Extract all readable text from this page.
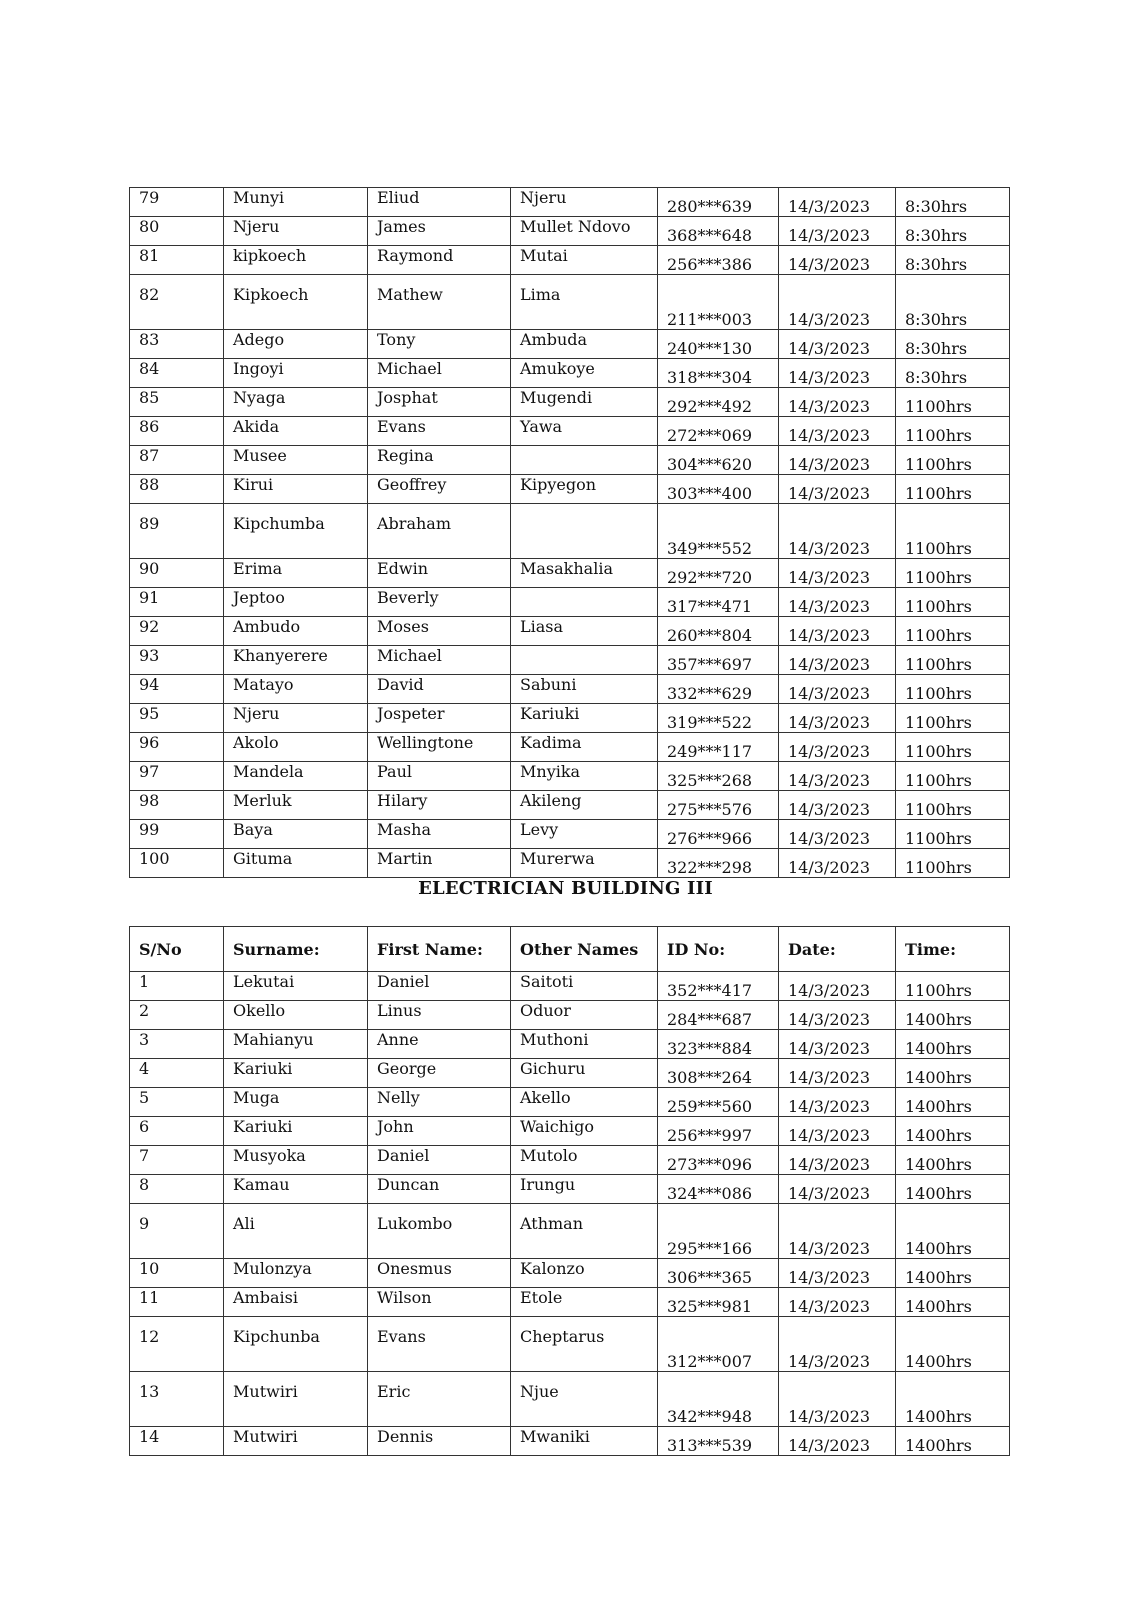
79	Munyi	Eliud	Njeru	280***639	14/3/2023	8:30hrs
80	Njeru	James	Mullet Ndovo	368***648	14/3/2023	8:30hrs
81	kipkoech	Raymond	Mutai	256***386	14/3/2023	8:30hrs
82	Kipkoech	Mathew	Lima	211***003	14/3/2023	8:30hrs
83	Adego	Tony	Ambuda	240***130	14/3/2023	8:30hrs
84	Ingoyi	Michael	Amukoye	318***304	14/3/2023	8:30hrs
85	Nyaga	Josphat	Mugendi	292***492	14/3/2023	1100hrs
86	Akida	Evans	Yawa	272***069	14/3/2023	1100hrs
87	Musee	Regina		304***620	14/3/2023	1100hrs
88	Kirui	Geoffrey	Kipyegon	303***400	14/3/2023	1100hrs
89	Kipchumba	Abraham		349***552	14/3/2023	1100hrs
90	Erima	Edwin	Masakhalia	292***720	14/3/2023	1100hrs
91	Jeptoo	Beverly		317***471	14/3/2023	1100hrs
92	Ambudo	Moses	Liasa	260***804	14/3/2023	1100hrs
93	Khanyerere	Michael		357***697	14/3/2023	1100hrs
94	Matayo	David	Sabuni	332***629	14/3/2023	1100hrs
95	Njeru	Jospeter	Kariuki	319***522	14/3/2023	1100hrs
96	Akolo	Wellingtone	Kadima	249***117	14/3/2023	1100hrs
97	Mandela	Paul	Mnyika	325***268	14/3/2023	1100hrs
98	Merluk	Hilary	Akileng	275***576	14/3/2023	1100hrs
99	Baya	Masha	Levy	276***966	14/3/2023	1100hrs
100	Gituma	Martin	Murerwa	322***298	14/3/2023	1100hrs
ELECTRICIAN BUILDING III
S/No	Surname:	First Name:	Other Names	ID No:	Date:	Time:
1	Lekutai	Daniel	Saitoti	352***417	14/3/2023	1100hrs
2	Okello	Linus	Oduor	284***687	14/3/2023	1400hrs
3	Mahianyu	Anne	Muthoni	323***884	14/3/2023	1400hrs
4	Kariuki	George	Gichuru	308***264	14/3/2023	1400hrs
5	Muga	Nelly	Akello	259***560	14/3/2023	1400hrs
6	Kariuki	John	Waichigo	256***997	14/3/2023	1400hrs
7	Musyoka	Daniel	Mutolo	273***096	14/3/2023	1400hrs
8	Kamau	Duncan	Irungu	324***086	14/3/2023	1400hrs
9	Ali	Lukombo	Athman	295***166	14/3/2023	1400hrs
10	Mulonzya	Onesmus	Kalonzo	306***365	14/3/2023	1400hrs
11	Ambaisi	Wilson	Etole	325***981	14/3/2023	1400hrs
12	Kipchunba	Evans	Cheptarus	312***007	14/3/2023	1400hrs
13	Mutwiri	Eric	Njue	342***948	14/3/2023	1400hrs
14	Mutwiri	Dennis	Mwaniki	313***539	14/3/2023	1400hrs
